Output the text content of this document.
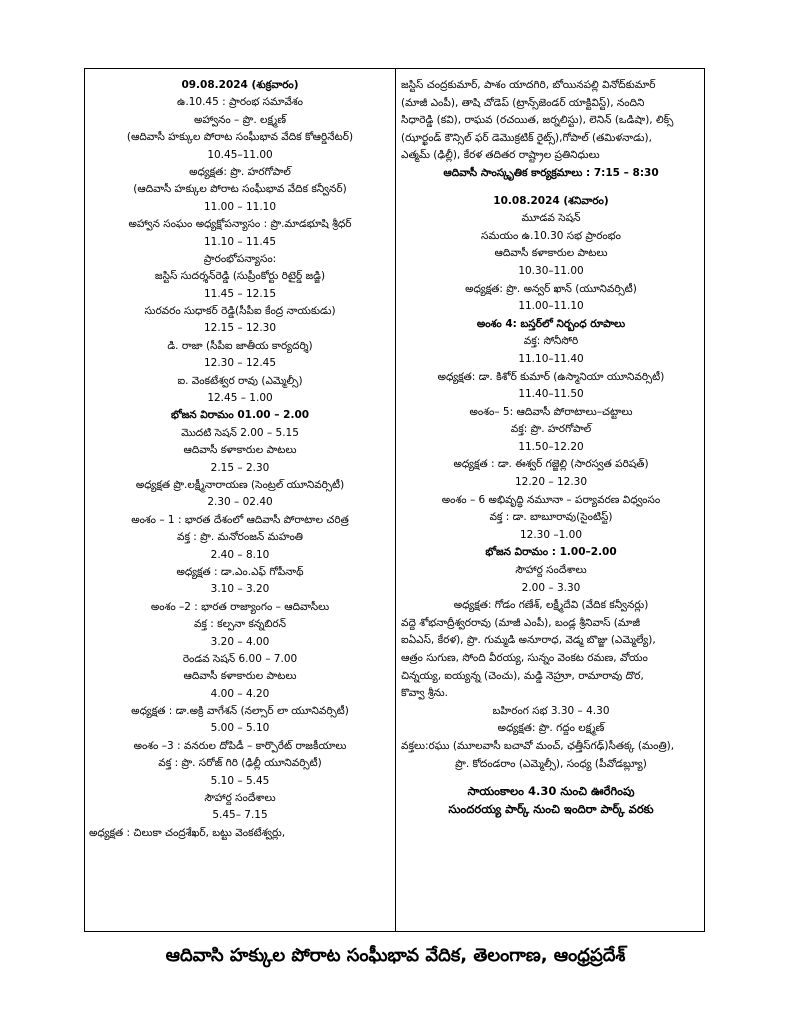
09.08.2024 (శుక్రవారం)
ఉ.10.45 : ప్రారంభ సమావేశం
అహ్వానం – ప్రొ. లక్ష్మణ్
(ఆదివాసీ హక్కుల పోరాట సంఘీభావ వేదిక కోఆర్డినేటర్)
10.45–11.00
అధ్యక్షత: ప్రొ. హరగోపాల్
(ఆదివాసీ హక్కుల పోరాట సంఘీభావ వేదిక కన్వీనర్)
11.00 – 11.10
అహ్వాన సంఘం అధ్యక్షోపన్యాసం : ప్రొ.మాడభూషి శ్రీధర్
11.10 – 11.45
ప్రారంభోపన్యాసం:
జస్టిస్ సుదర్శన్‌రెడ్డి (సుప్రీంకోర్టు రిటైర్డ్ జడ్జి)
11.45 – 12.15
సురవరం సుధాకర్ రెడ్డి(సీపీఐ కేంద్ర నాయకుడు)
12.15 – 12.30
డి. రాజా (సీపీఐ జాతీయ కార్యదర్శి)
12.30 – 12.45
ఐ. వెంకటేశ్వర రావు (ఎమ్మెల్సీ)
12.45 – 1.00
భోజన విరామం 01.00 – 2.00
మొదటి సెషన్ 2.00 – 5.15
ఆదివాసీ కళాకారుల పాటలు
2.15 – 2.30
అధ్యక్షత ప్రొ.లక్ష్మీనారాయణ (సెంట్రల్ యూనివర్సిటీ)
2.30 – 02.40
అంశం – 1 : భారత దేశంలో ఆదివాసీ పోరాటాల చరిత్ర
వక్త : ప్రొ. మనోరంజన్ మహంతి
2.40 – 8.10
అధ్యక్షత : డా.ఎం.ఎఫ్ గోపీనాథ్
3.10 – 3.20
అంశం –2 : భారత రాజ్యాంగం – ఆదివాసీలు
వక్త : కల్పనా కన్నబిరన్
3.20 – 4.00
రెండవ సెషన్ 6.00 – 7.00
ఆదివాసీ కళాకారుల పాటలు
4.00 – 4.20
అధ్యక్షత : డా.అక్రి వాగేశన్ (నల్సార్ లా యూనివర్సిటీ)
5.00 – 5.10
అంశం –3 : వనరుల దోపిడీ – కార్పొరేట్ రాజకీయాలు
వక్త : ప్రొ. సరోజ్ గిరి (ఢిల్లీ యూనివర్సిటీ)
5.10 – 5.45
సౌహార్ద సందేశాలు
5.45– 7.15
అధ్యక్షత : చిలుకా చంద్రశేఖర్, బట్టు వెంకటేశ్వర్లు,
జస్టిస్ చంద్రకుమార్, పాశం యాదగిరి, బోయినపల్లి వినోద్‌కుమార్
(మాజీ ఎంపీ), తాషి చోడెప్ (ట్రాన్స్‌జెండర్ యాక్టివిస్ట్), నందిని
సిధారెడ్డి (కవి), రాఘవ (రచయిత, జర్నలిస్టు), లెనిన్ (ఒడిషా), లిక్స్
(ఝార్ఖండ్ కౌన్సిల్ ఫర్ డెమొక్రటిక్ రైట్స్),గోపాల్ (తమిళనాడు),
ఎత్మమ్ (ఢిల్లీ), కేరళ తదితర రాష్ట్రాల ప్రతినిధులు
ఆదివాసీ సాంస్కృతిక కార్యక్రమాలు : 7:15 – 8:30
10.08.2024 (శనివారం)
మూడవ సెషన్
సమయం ఉ.10.30 సభ ప్రారంభం
ఆదివాసీ కళాకారుల పాటలు
10.30–11.00
అధ్యక్షత: ప్రొ. అన్వర్ ఖాన్ (యూనివర్సిటీ)
11.00–11.10
అంశం 4: బస్తర్‌లో నిర్బంధ రూపాలు
వక్త: సోనీసోరి
11.10–11.40
అధ్యక్షత: డా. కిశోర్ కుమార్ (ఉస్మానియా యూనివర్సిటీ)
11.40–11.50
అంశం– 5: ఆదివాసీ పోరాటాలు–చట్టాలు
వక్త: ప్రొ. హరగోపాల్
11.50–12.20
అధ్యక్షత : డా. ఈశ్వర్ గజ్జెల్లి (సారస్వత పరిషత్)
12.20 – 12.30
అంశం – 6 అభివృద్ధి నమూనా – పర్యావరణ విధ్వంసం
వక్త : డా. బాబూరావు(సైంటిస్ట్)
12.30 –1.00
భోజన విరామం : 1.00–2.00
సౌహార్ద సందేశాలు
2.00 – 3.30
అధ్యక్షత: గోడం గణేశ్, లక్ష్మీదేవి (వేదిక కన్వీనర్లు)
వద్దె శోభనాద్రీశ్వరరావు (మాజీ ఎంపీ), బండ్ల శ్రీనివాస్ (మాజీ
ఐఏఎస్, కేరళ), ప్రొ. గుమ్మడి అనూరాధ, వెడ్మ బొజ్జు (ఎమ్మెల్యే),
ఆత్రం సుగుణ, సోంది వీరయ్య, సున్నం వెంకట రమణ, వోయం
చిన్నయ్య, ఐయ్యన్న (చెంచు), మడ్డి నెహ్రూ, రామారావు దొర,
కొవ్వా శ్రీను.
బహిరంగ సభ 3.30 – 4.30
అధ్యక్షత: ప్రొ. గద్దం లక్ష్మణ్
వక్తలు:రఘు (మూలవాసీ బచావో మంచ్, ఛత్తీస్‌గఢ్)సీతక్క (మంత్రి),
ప్రొ. కోదండరాం (ఎమ్మెల్సీ), సంధ్య (పీవోడబ్ల్యూ)
సాయంకాలం 4.30 నుంచి ఊరేగింపు
సుందరయ్య పార్క్ నుంచి ఇందిరా పార్క్ వరకు
ఆదివాసి హక్కుల పోరాట సంఘీభావ వేదిక, తెలంగాణ, ఆంధ్రప్రదేశ్
